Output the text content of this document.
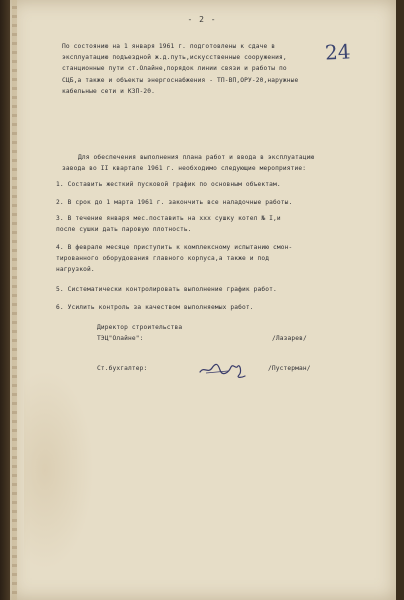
- 2 -
24
По состоянию на 1 января 1961 г. подготовлены к сдаче в
эксплуатацию подъездной ж.д.путь,искусственные сооружения,
станционные пути ст.Олайне,порядок линии связи и работы по
СЦБ,а также и объекты энергоснабжения - ТП-ВП,ОРУ-20,наружные
кабельные сети и КЗП-20.
Для обеспечения выполнения плана работ и ввода в эксплуатацию
завода во II квартале 1961 г. необходимо следующие мероприятие:
1. Составить жесткий пусковой график по основным объектам.
2. В срок до 1 марта 1961 г. закончить все наладочные работы.
3. В течение января мес.поставить на ххх сушку котел № I,и
после сушки дать паровую плотность.
4. В феврале месяце приступить к комплексному испытанию смон-
тированного оборудования главного корпуса,а также и под
нагрузкой.
5. Систематически контролировать выполнение график работ.
6. Усилить контроль за качеством выполняемых работ.
Директор строительства
ТЭЦ"Олайне":	/Лазарев/
Ст.бухгалтер:	/Пустерман/
